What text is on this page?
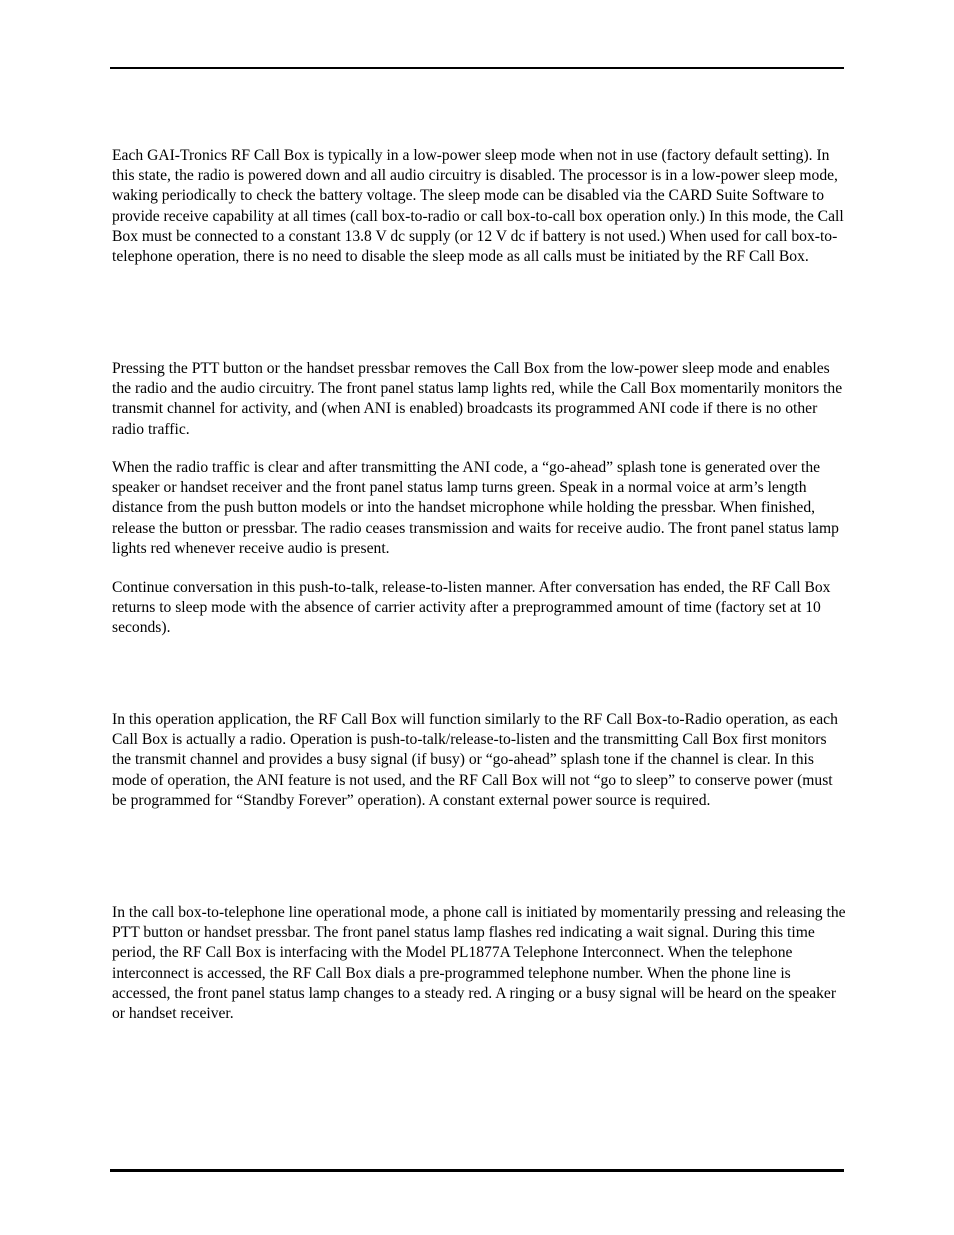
Each GAI-Tronics RF Call Box is typically in a low-power sleep mode when not in use (factory default setting). In this state, the radio is powered down and all audio circuitry is disabled. The processor is in a low-power sleep mode, waking periodically to check the battery voltage. The sleep mode can be disabled via the CARD Suite Software to provide receive capability at all times (call box-to-radio or call box-to-call box operation only.) In this mode, the Call Box must be connected to a constant 13.8 V dc supply (or 12 V dc if battery is not used.) When used for call box-to-telephone operation, there is no need to disable the sleep mode as all calls must be initiated by the RF Call Box.

Pressing the PTT button or the handset pressbar removes the Call Box from the low-power sleep mode and enables the radio and the audio circuitry. The front panel status lamp lights red, while the Call Box momentarily monitors the transmit channel for activity, and (when ANI is enabled) broadcasts its programmed ANI code if there is no other radio traffic.

When the radio traffic is clear and after transmitting the ANI code, a “go-ahead” splash tone is generated over the speaker or handset receiver and the front panel status lamp turns green. Speak in a normal voice at arm’s length distance from the push button models or into the handset microphone while holding the pressbar. When finished, release the button or pressbar. The radio ceases transmission and waits for receive audio. The front panel status lamp lights red whenever receive audio is present.

Continue conversation in this push-to-talk, release-to-listen manner. After conversation has ended, the RF Call Box returns to sleep mode with the absence of carrier activity after a preprogrammed amount of time (factory set at 10 seconds).

In this operation application, the RF Call Box will function similarly to the RF Call Box-to-Radio operation, as each Call Box is actually a radio. Operation is push-to-talk/release-to-listen and the transmitting Call Box first monitors the transmit channel and provides a busy signal (if busy) or “go-ahead” splash tone if the channel is clear. In this mode of operation, the ANI feature is not used, and the RF Call Box will not “go to sleep” to conserve power (must be programmed for “Standby Forever” operation). A constant external power source is required.

In the call box-to-telephone line operational mode, a phone call is initiated by momentarily pressing and releasing the PTT button or handset pressbar. The front panel status lamp flashes red indicating a wait signal. During this time period, the RF Call Box is interfacing with the Model PL1877A Telephone Interconnect. When the telephone interconnect is accessed, the RF Call Box dials a pre-programmed telephone number. When the phone line is accessed, the front panel status lamp changes to a steady red. A ringing or a busy signal will be heard on the speaker or handset receiver.
